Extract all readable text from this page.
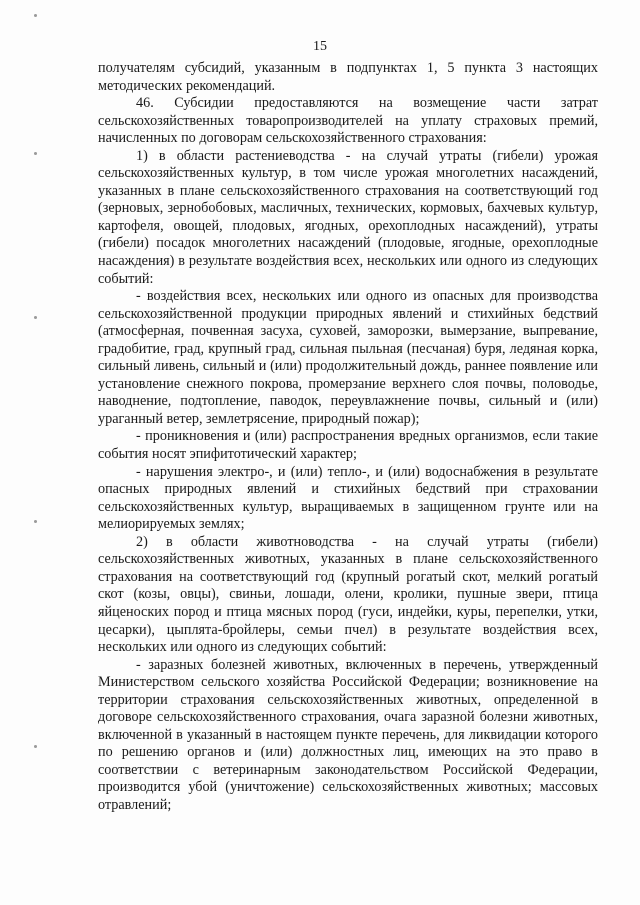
15

получателям субсидий, указанным в подпунктах 1, 5 пункта 3 настоящих методических рекомендаций.

46. Субсидии предоставляются на возмещение части затрат сельскохозяйственных товаропроизводителей на уплату страховых премий, начисленных по договорам сельскохозяйственного страхования:

1) в области растениеводства - на случай утраты (гибели) урожая сельскохозяйственных культур, в том числе урожая многолетних насаждений, указанных в плане сельскохозяйственного страхования на соответствующий год (зерновых, зернобобовых, масличных, технических, кормовых, бахчевых культур, картофеля, овощей, плодовых, ягодных, орехоплодных насаждений), утраты (гибели) посадок многолетних насаждений (плодовые, ягодные, орехоплодные насаждения) в результате воздействия всех, нескольких или одного из следующих событий:

- воздействия всех, нескольких или одного из опасных для производства сельскохозяйственной продукции природных явлений и стихийных бедствий (атмосферная, почвенная засуха, суховей, заморозки, вымерзание, выпревание, градобитие, град, крупный град, сильная пыльная (песчаная) буря, ледяная корка, сильный ливень, сильный и (или) продолжительный дождь, раннее появление или установление снежного покрова, промерзание верхнего слоя почвы, половодье, наводнение, подтопление, паводок, переувлажнение почвы, сильный и (или) ураганный ветер, землетрясение, природный пожар);

- проникновения и (или) распространения вредных организмов, если такие события носят эпифитотический характер;

- нарушения электро-, и (или) тепло-, и (или) водоснабжения в результате опасных природных явлений и стихийных бедствий при страховании сельскохозяйственных культур, выращиваемых в защищенном грунте или на мелиорируемых землях;

2) в области животноводства - на случай утраты (гибели) сельскохозяйственных животных, указанных в плане сельскохозяйственного страхования на соответствующий год (крупный рогатый скот, мелкий рогатый скот (козы, овцы), свиньи, лошади, олени, кролики, пушные звери, птица яйценоских пород и птица мясных пород (гуси, индейки, куры, перепелки, утки, цесарки), цыплята-бройлеры, семьи пчел) в результате воздействия всех, нескольких или одного из следующих событий:

- заразных болезней животных, включенных в перечень, утвержденный Министерством сельского хозяйства Российской Федерации; возникновение на территории страхования сельскохозяйственных животных, определенной в договоре сельскохозяйственного страхования, очага заразной болезни животных, включенной в указанный в настоящем пункте перечень, для ликвидации которого по решению органов и (или) должностных лиц, имеющих на это право в соответствии с ветеринарным законодательством Российской Федерации, производится убой (уничтожение) сельскохозяйственных животных; массовых отравлений;
